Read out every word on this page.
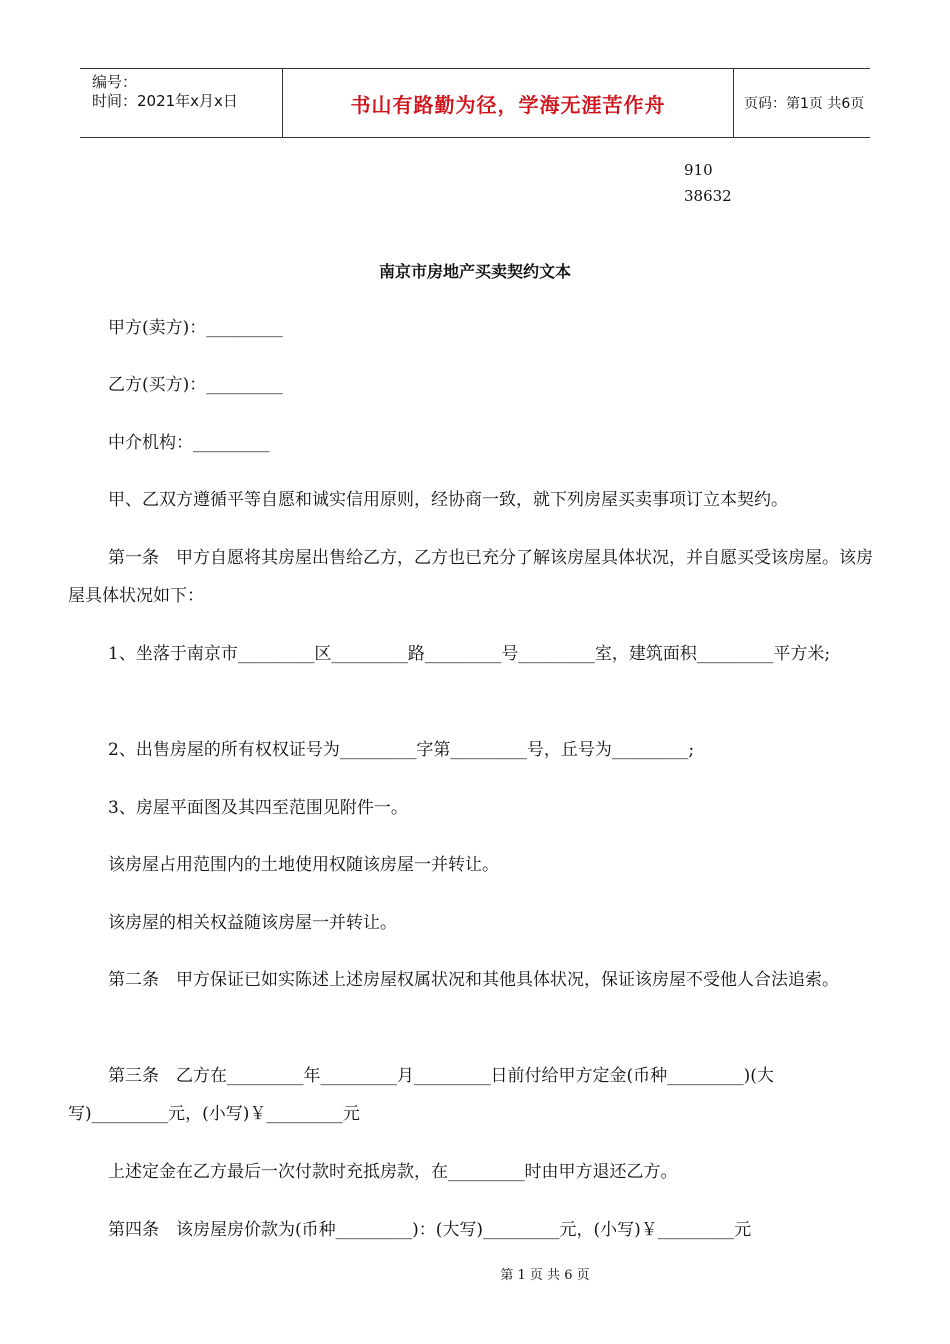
编号：
时间：2021年x月x日	书山有路勤为径，学海无涯苦作舟	页码：第1页 共6页
910
38632
南京市房地产买卖契约文本

甲方(卖方)：_________

乙方(买方)：_________

中介机构：_________

甲、乙双方遵循平等自愿和诚实信用原则，经协商一致，就下列房屋买卖事项订立本契约。

第一条　甲方自愿将其房屋出售给乙方，乙方也已充分了解该房屋具体状况，并自愿买受该房屋。该房屋具体状况如下：

1、坐落于南京市_________区_________路_________号_________室，建筑面积_________平方米;

2、出售房屋的所有权权证号为_________字第_________号，丘号为_________;

3、房屋平面图及其四至范围见附件一。

该房屋占用范围内的土地使用权随该房屋一并转让。

该房屋的相关权益随该房屋一并转让。

第二条　甲方保证已如实陈述上述房屋权属状况和其他具体状况，保证该房屋不受他人合法追索。

第三条　乙方在_________年_________月_________日前付给甲方定金(币种_________)(大写)_________元，(小写)￥_________元

上述定金在乙方最后一次付款时充抵房款，在_________时由甲方退还乙方。

第四条　该房屋房价款为(币种_________)：(大写)_________元，(小写)￥_________元

第 1 页 共 6 页
